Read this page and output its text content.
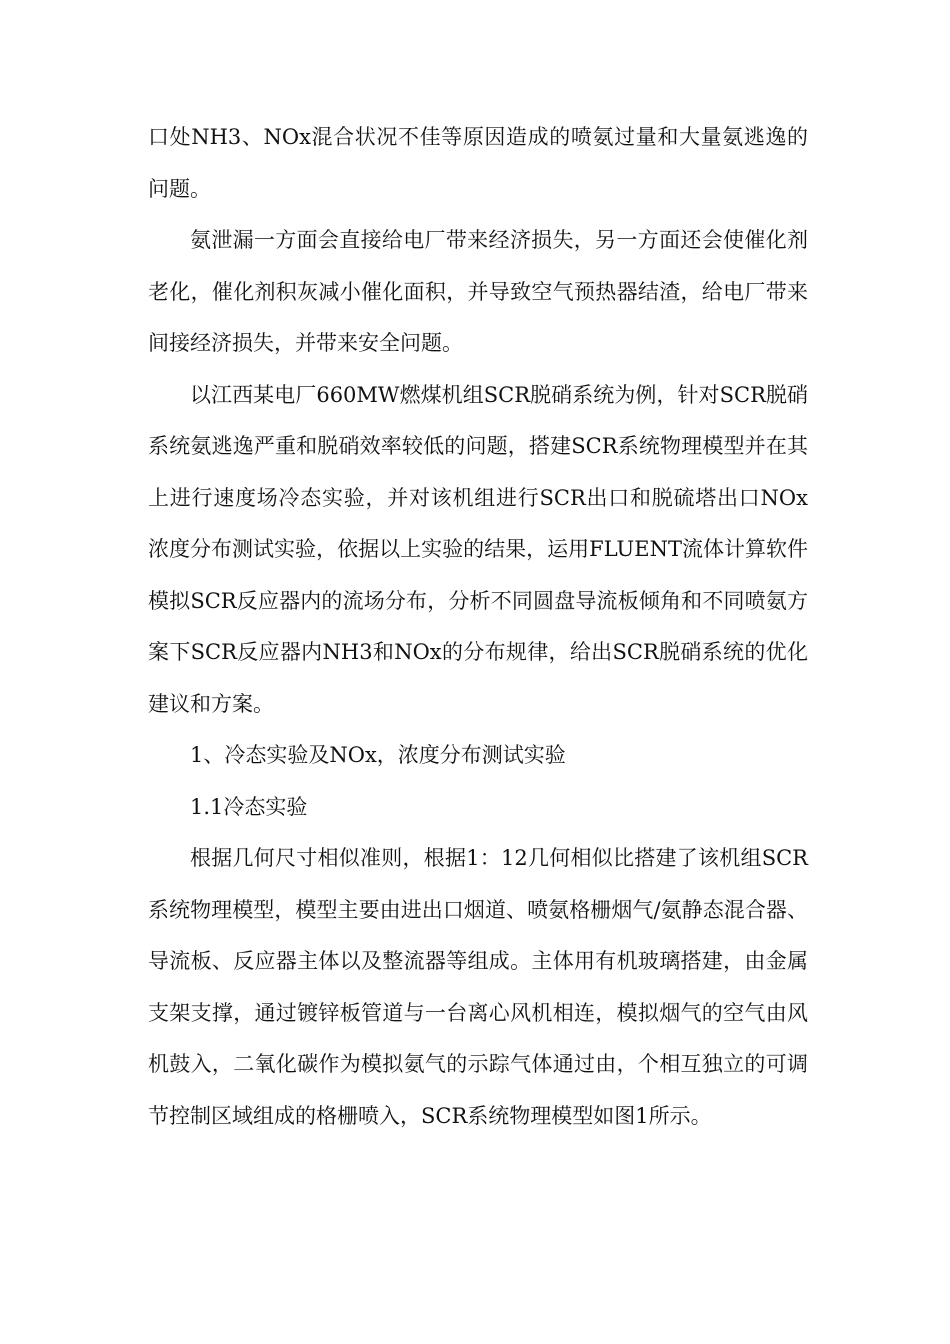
口处NH3、NOx混合状况不佳等原因造成的喷氨过量和大量氨逃逸的问题。

氨泄漏一方面会直接给电厂带来经济损失，另一方面还会使催化剂老化，催化剂积灰减小催化面积，并导致空气预热器结渣，给电厂带来间接经济损失，并带来安全问题。

以江西某电厂660MW燃煤机组SCR脱硝系统为例，针对SCR脱硝系统氨逃逸严重和脱硝效率较低的问题，搭建SCR系统物理模型并在其上进行速度场冷态实验，并对该机组进行SCR出口和脱硫塔出口NOx浓度分布测试实验，依据以上实验的结果，运用FLUENT流体计算软件模拟SCR反应器内的流场分布，分析不同圆盘导流板倾角和不同喷氨方案下SCR反应器内NH3和NOx的分布规律，给出SCR脱硝系统的优化建议和方案。

1、冷态实验及NOx，浓度分布测试实验

1.1冷态实验

根据几何尺寸相似准则，根据1：12几何相似比搭建了该机组SCR系统物理模型，模型主要由进出口烟道、喷氨格栅烟气/氨静态混合器、导流板、反应器主体以及整流器等组成。主体用有机玻璃搭建，由金属支架支撑，通过镀锌板管道与一台离心风机相连，模拟烟气的空气由风机鼓入，二氧化碳作为模拟氨气的示踪气体通过由，个相互独立的可调节控制区域组成的格栅喷入，SCR系统物理模型如图1所示。
